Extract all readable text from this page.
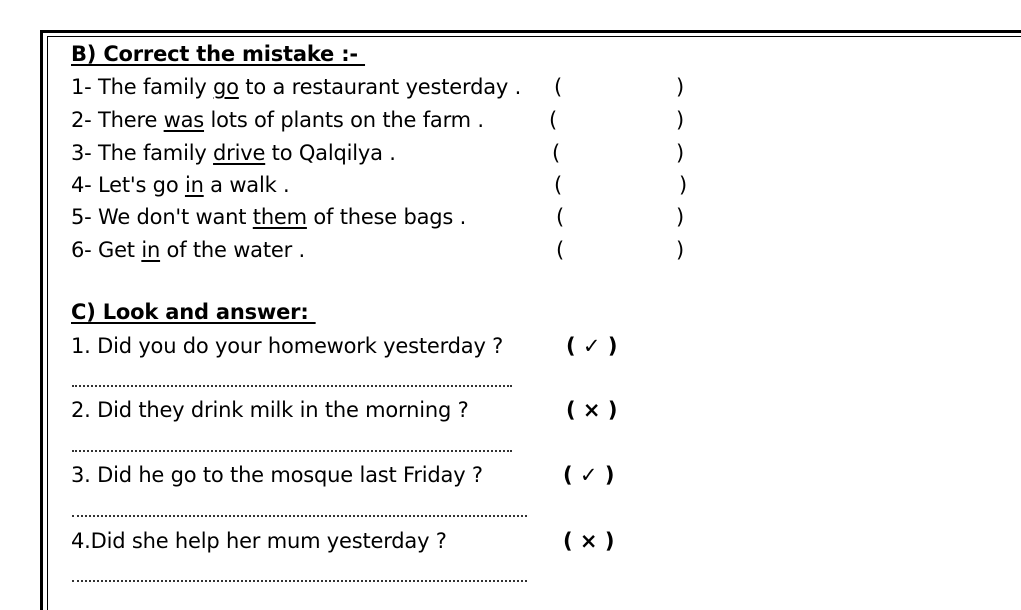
B) Correct the mistake :-
1- The family go to a restaurant yesterday . (	)
2- There was lots of plants on the farm .	(	)
3- The family drive to Qalqilya .	(	)
4- Let's go in a walk .	(	)
5- We don't want them of these bags .	(	)
6- Get in of the water .	(	)
C) Look and answer:
1. Did you do your homework yesterday ?	( ✓ )
2. Did they drink milk in the morning ?	( × )
3. Did he go to the mosque last Friday ?	( ✓ )
4.Did she help her mum yesterday ?	( × )
